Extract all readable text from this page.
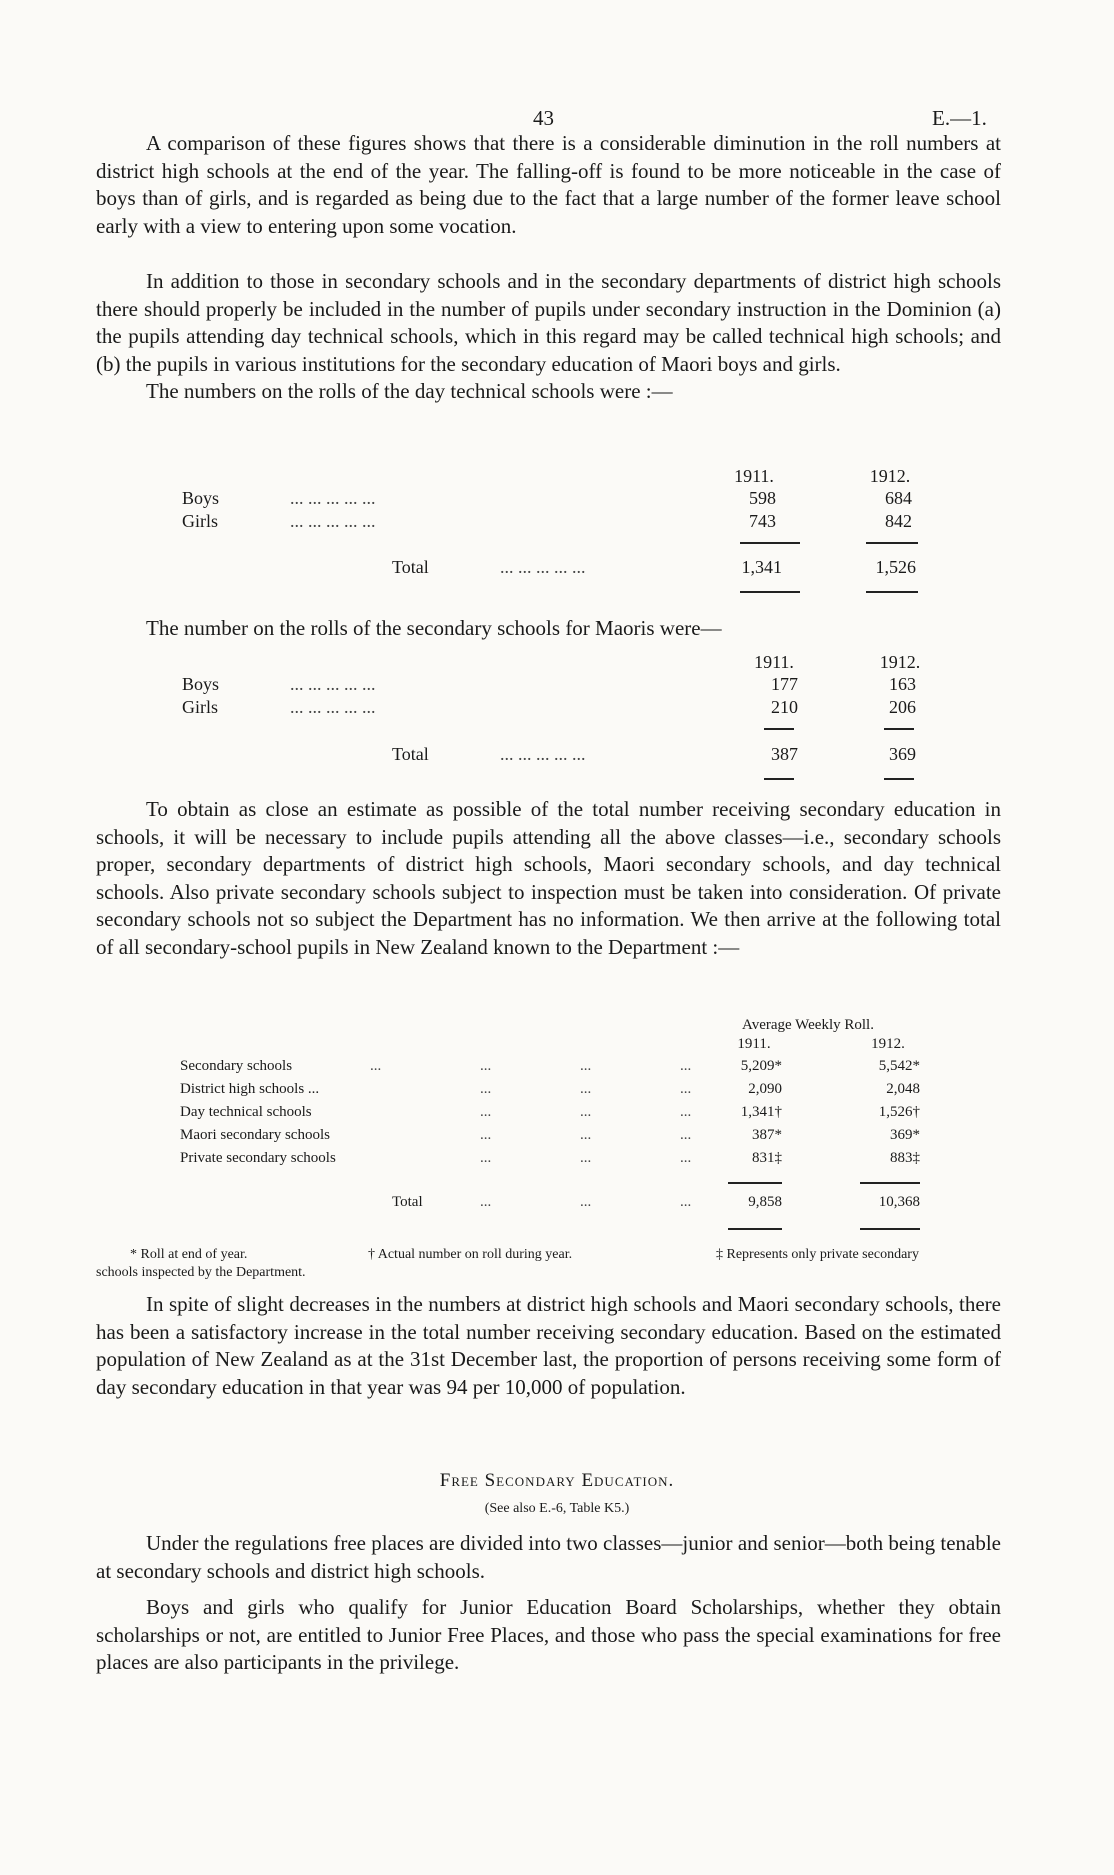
43	E.—1.

A comparison of these figures shows that there is a considerable diminution in the roll numbers at district high schools at the end of the year. The falling-off is found to be more noticeable in the case of boys than of girls, and is regarded as being due to the fact that a large number of the former leave school early with a view to entering upon some vocation.

In addition to those in secondary schools and in the secondary departments of district high schools there should properly be included in the number of pupils under secondary instruction in the Dominion (a) the pupils attending day technical schools, which in this regard may be called technical high schools; and (b) the pupils in various institutions for the secondary education of Maori boys and girls.

The numbers on the rolls of the day technical schools were :—

1911.	1912.
Boys	... ... ... ... ...	598	684
Girls	... ... ... ... ...	743	842
Total	... ... ... ... ...	1,341	1,526

The number on the rolls of the secondary schools for Maoris were—

1911.	1912.
Boys	... ... ... ... ...	177	163
Girls	... ... ... ... ...	210	206
Total	... ... ... ... ...	387	369

To obtain as close an estimate as possible of the total number receiving secondary education in schools, it will be necessary to include pupils attending all the above classes—i.e., secondary schools proper, secondary departments of district high schools, Maori secondary schools, and day technical schools. Also private secondary schools subject to inspection must be taken into consideration. Of private secondary schools not so subject the Department has no information. We then arrive at the following total of all secondary-school pupils in New Zealand known to the Department :—

Average Weekly Roll.
1911.	1912.
Secondary schools	...	...	...	...	5,209*	5,542*
District high schools ...	...	...	...	2,090	2,048
Day technical schools	...	...	...	1,341†	1,526†
Maori secondary schools	...	...	...	387*	369*
Private secondary schools	...	...	...	831‡	883‡
Total	...	...	...	9,858	10,368
* Roll at end of year.	† Actual number on roll during year.	‡ Represents only private secondary
schools inspected by the Department.

In spite of slight decreases in the numbers at district high schools and Maori secondary schools, there has been a satisfactory increase in the total number receiving secondary education. Based on the estimated population of New Zealand as at the 31st December last, the proportion of persons receiving some form of day secondary education in that year was 94 per 10,000 of population.

Free Secondary Education.
(See also E.-6, Table K5.)

Under the regulations free places are divided into two classes—junior and senior—both being tenable at secondary schools and district high schools.

Boys and girls who qualify for Junior Education Board Scholarships, whether they obtain scholarships or not, are entitled to Junior Free Places, and those who pass the special examinations for free places are also participants in the privilege.
